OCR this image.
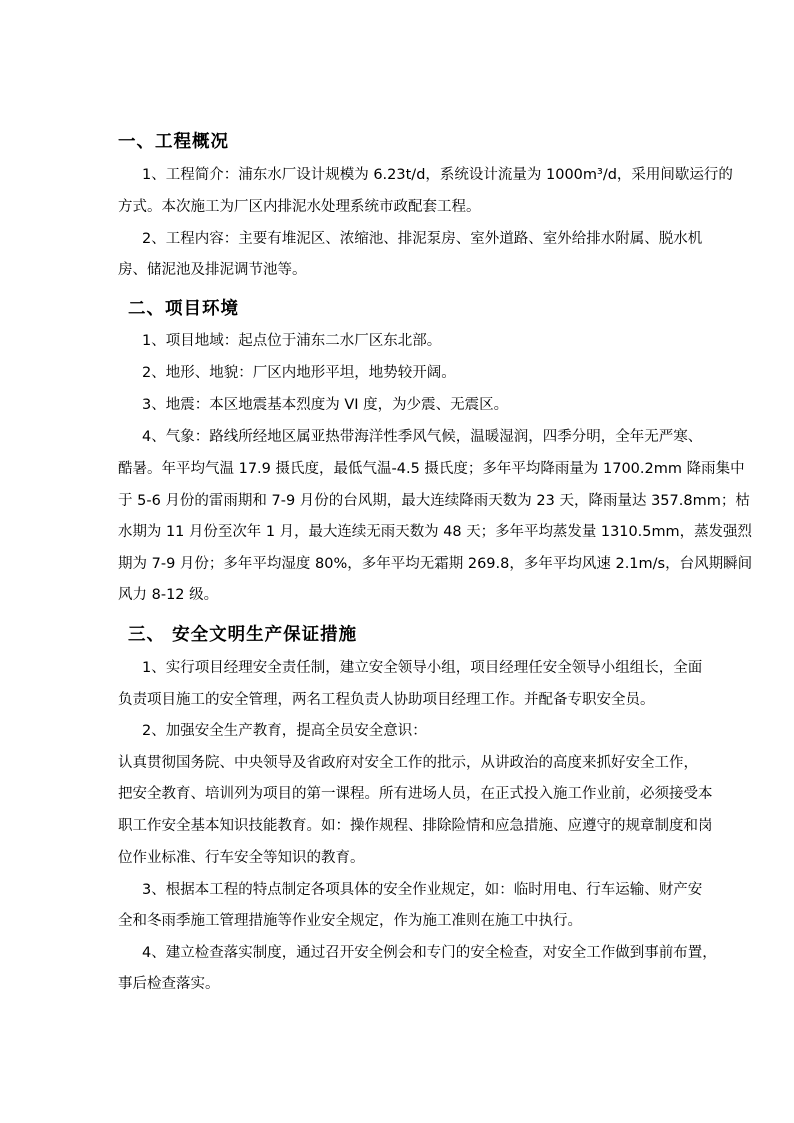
一、工程概况
1、工程简介：浦东水厂设计规模为 6.23t/d，系统设计流量为 1000m³/d，采用间歇运行的
方式。本次施工为厂区内排泥水处理系统市政配套工程。
2、工程内容：主要有堆泥区、浓缩池、排泥泵房、室外道路、室外给排水附属、脱水机
房、储泥池及排泥调节池等。
二、项目环境
1、项目地域：起点位于浦东二水厂区东北部。
2、地形、地貌：厂区内地形平坦，地势较开阔。
3、地震：本区地震基本烈度为 VI 度，为少震、无震区。
4、气象：路线所经地区属亚热带海洋性季风气候，温暖湿润，四季分明，全年无严寒、
酷暑。年平均气温 17.9 摄氏度，最低气温-4.5 摄氏度；多年平均降雨量为 1700.2mm 降雨集中
于 5-6 月份的雷雨期和 7-9 月份的台风期，最大连续降雨天数为 23 天，降雨量达 357.8mm；枯
水期为 11 月份至次年 1 月，最大连续无雨天数为 48 天；多年平均蒸发量 1310.5mm，蒸发强烈
期为 7-9 月份；多年平均湿度 80%，多年平均无霜期 269.8，多年平均风速 2.1m/s，台风期瞬间
风力 8-12 级。
三、 安全文明生产保证措施
1、实行项目经理安全责任制，建立安全领导小组，项目经理任安全领导小组组长，全面
负责项目施工的安全管理，两名工程负责人协助项目经理工作。并配备专职安全员。
2、加强安全生产教育，提高全员安全意识：
认真贯彻国务院、中央领导及省政府对安全工作的批示，从讲政治的高度来抓好安全工作，
把安全教育、培训列为项目的第一课程。所有进场人员，在正式投入施工作业前，必须接受本
职工作安全基本知识技能教育。如：操作规程、排除险情和应急措施、应遵守的规章制度和岗
位作业标准、行车安全等知识的教育。
3、根据本工程的特点制定各项具体的安全作业规定，如：临时用电、行车运输、财产安
全和冬雨季施工管理措施等作业安全规定，作为施工准则在施工中执行。
4、建立检查落实制度，通过召开安全例会和专门的安全检查，对安全工作做到事前布置，
事后检查落实。
